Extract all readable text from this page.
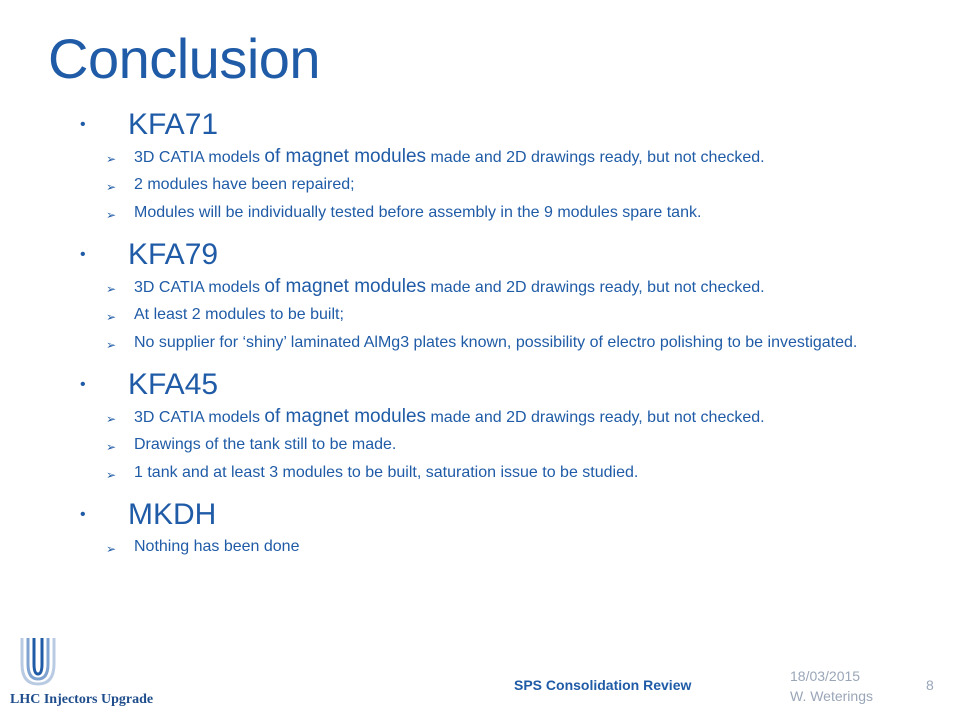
Conclusion
•	KFA71
➢	3D CATIA models of magnet modules made and 2D drawings ready, but not checked.
➢	2 modules have been repaired;
➢	Modules will be individually tested before assembly in the 9 modules spare tank.
•	KFA79
➢	3D CATIA models of magnet modules made and 2D drawings ready, but not checked.
➢	At least 2 modules to be built;
➢	No supplier for ‘shiny’ laminated AlMg3 plates known, possibility of electro polishing to be investigated.
•	KFA45
➢	3D CATIA models of magnet modules made and 2D drawings ready, but not checked.
➢	Drawings of the tank still to be made.
➢	1 tank and at least 3 modules to be built, saturation issue to be studied.
•	MKDH
➢	Nothing has been done
LHC Injectors Upgrade
SPS Consolidation Review
18/03/2015
W. Weterings
8
